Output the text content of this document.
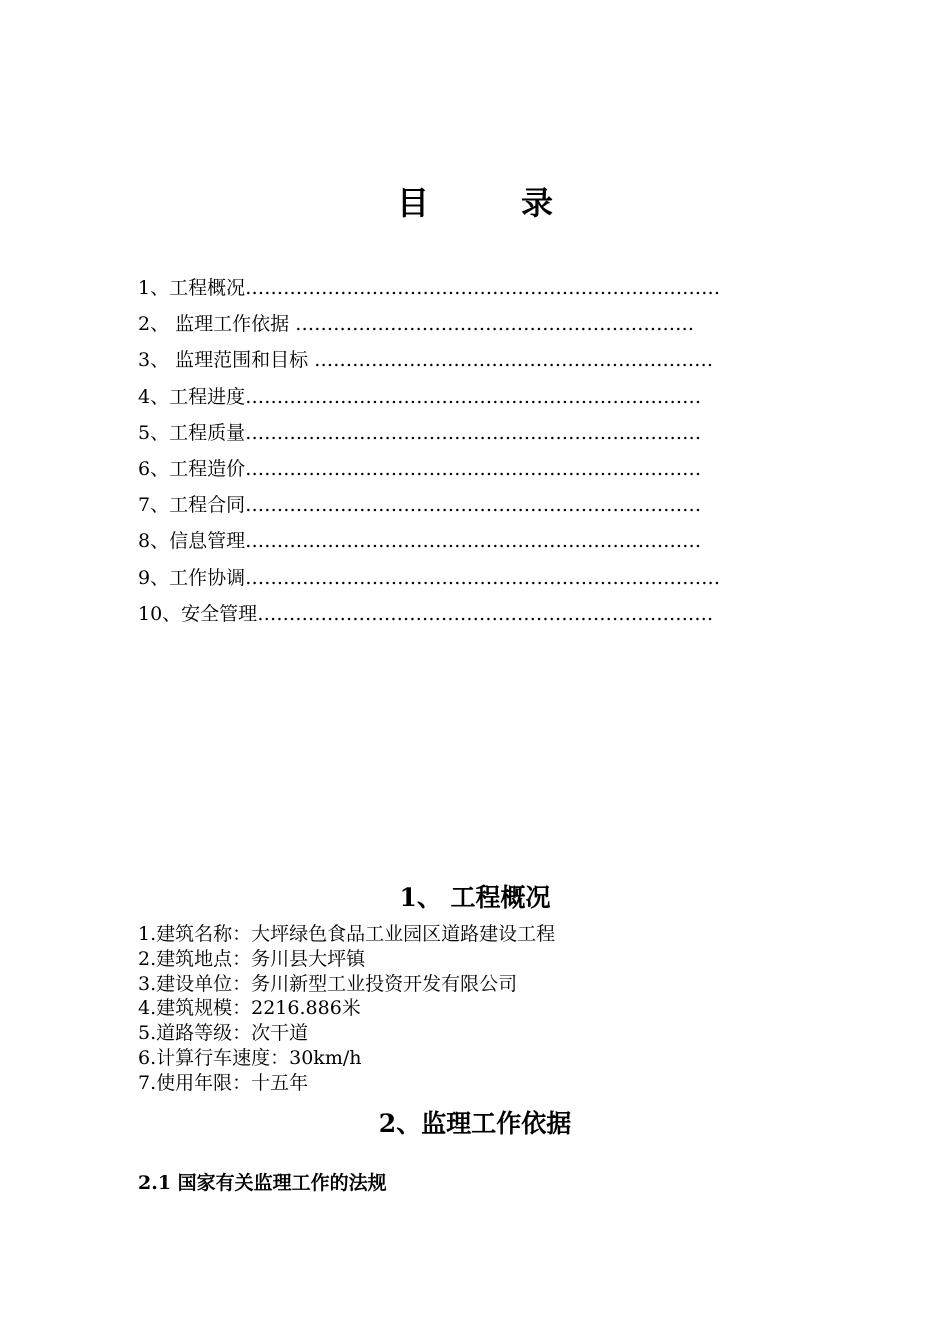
目	录
1、工程概况…………………………………………………………………
2、 监理工作依据 ………………………………………………………
3、 监理范围和目标 ………………………………………………………
4、工程进度………………………………………………………………
5、工程质量………………………………………………………………
6、工程造价………………………………………………………………
7、工程合同………………………………………………………………
8、信息管理………………………………………………………………
9、工作协调…………………………………………………………………
10、安全管理………………………………………………………………
1、 工程概况
1.建筑名称：大坪绿色食品工业园区道路建设工程
2.建筑地点：务川县大坪镇
3.建设单位：务川新型工业投资开发有限公司
4.建筑规模：2216.886米
5.道路等级：次干道
6.计算行车速度：30km/h
7.使用年限：十五年
2、监理工作依据
2.1 国家有关监理工作的法规
